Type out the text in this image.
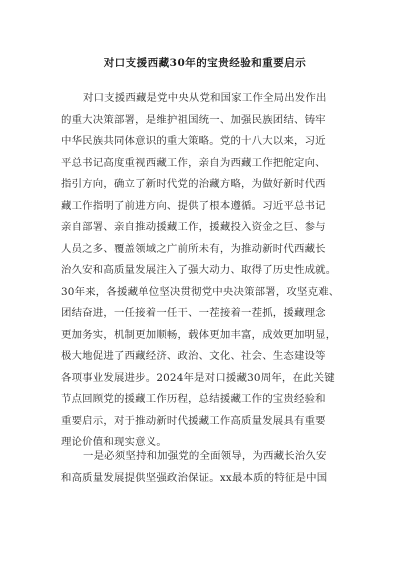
对口支援西藏30年的宝贵经验和重要启示
对口支援西藏是党中央从党和国家工作全局出发作出
的重大决策部署，是维护祖国统一、加强民族团结、铸牢
中华民族共同体意识的重大策略。党的十八大以来，习近
平总书记高度重视西藏工作，亲自为西藏工作把舵定向、
指引方向，确立了新时代党的治藏方略，为做好新时代西
藏工作指明了前进方向、提供了根本遵循。习近平总书记
亲自部署、亲自推动援藏工作，援藏投入资金之巨、参与
人员之多、覆盖领域之广前所未有，为推动新时代西藏长
治久安和高质量发展注入了强大动力、取得了历史性成就。
30年来，各援藏单位坚决贯彻党中央决策部署，攻坚克难、
团结奋进，一任接着一任干、一茬接着一茬抓，援藏理念
更加务实，机制更加顺畅，载体更加丰富，成效更加明显，
极大地促进了西藏经济、政治、文化、社会、生态建设等
各项事业发展进步。2024年是对口援藏30周年，在此关键
节点回顾党的援藏工作历程，总结援藏工作的宝贵经验和
重要启示，对于推动新时代援藏工作高质量发展具有重要
理论价值和现实意义。
一是必须坚持和加强党的全面领导，为西藏长治久安
和高质量发展提供坚强政治保证。xx最本质的特征是中国
